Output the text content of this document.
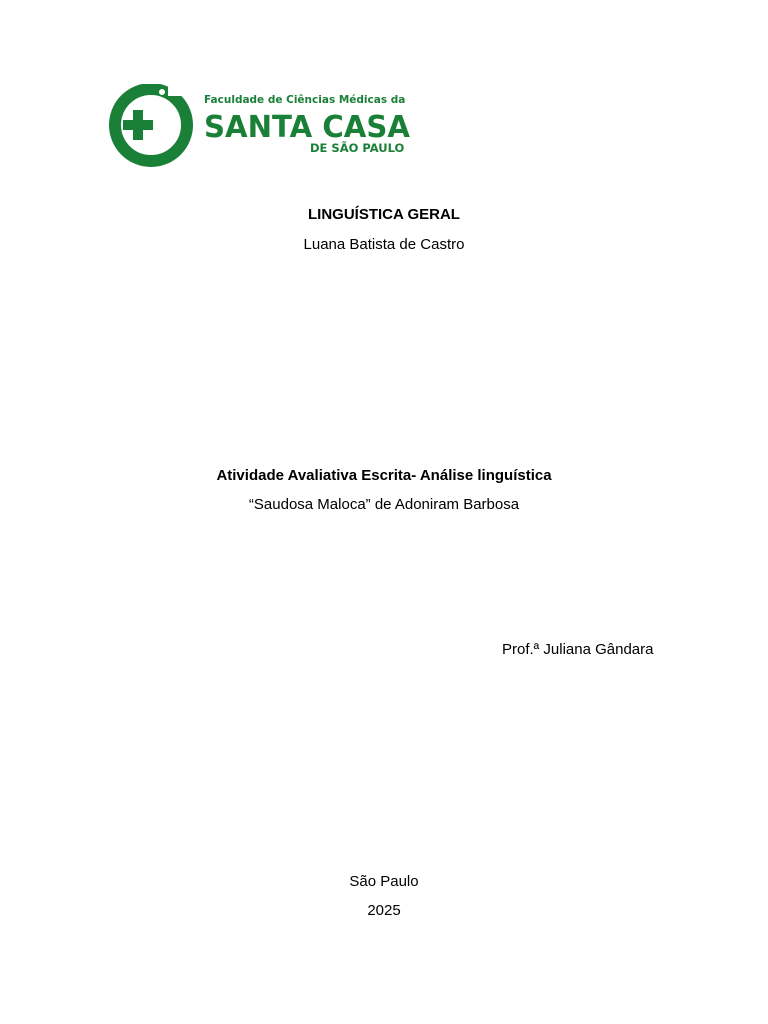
Faculdade de Ciências Médicas da
SANTA CASA
DE SÃO PAULO
LINGUÍSTICA GERAL
Luana Batista de Castro
Atividade Avaliativa Escrita- Análise linguística
“Saudosa Maloca” de Adoniram Barbosa
Prof.ª Juliana Gândara
São Paulo
2025
